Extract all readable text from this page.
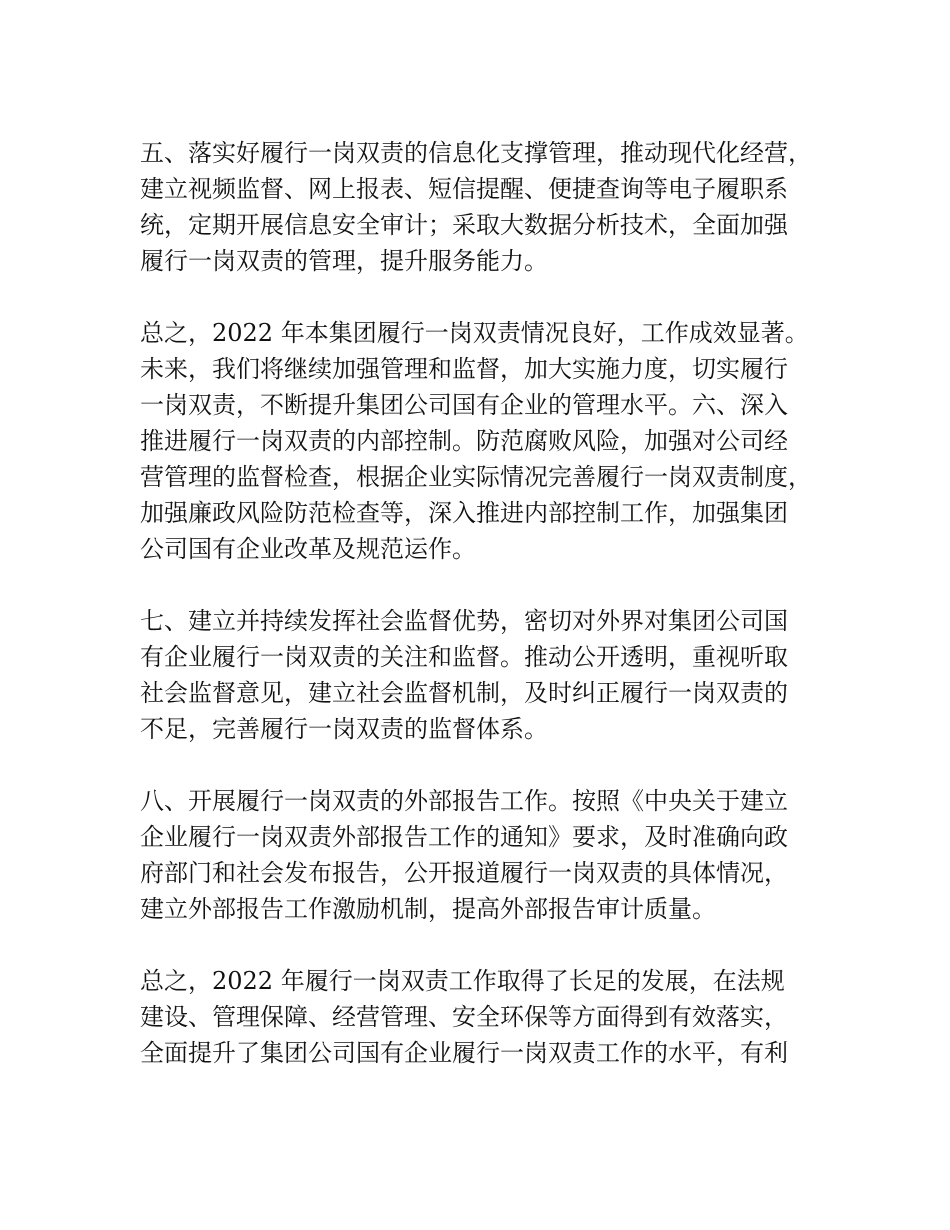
五、落实好履行一岗双责的信息化支撑管理，推动现代化经营，
建立视频监督、网上报表、短信提醒、便捷查询等电子履职系
统，定期开展信息安全审计；采取大数据分析技术，全面加强
履行一岗双责的管理，提升服务能力。
总之，2022 年本集团履行一岗双责情况良好，工作成效显著。
未来，我们将继续加强管理和监督，加大实施力度，切实履行
一岗双责，不断提升集团公司国有企业的管理水平。六、深入
推进履行一岗双责的内部控制。防范腐败风险，加强对公司经
营管理的监督检查，根据企业实际情况完善履行一岗双责制度，
加强廉政风险防范检查等，深入推进内部控制工作，加强集团
公司国有企业改革及规范运作。
七、建立并持续发挥社会监督优势，密切对外界对集团公司国
有企业履行一岗双责的关注和监督。推动公开透明，重视听取
社会监督意见，建立社会监督机制，及时纠正履行一岗双责的
不足，完善履行一岗双责的监督体系。
八、开展履行一岗双责的外部报告工作。按照《中央关于建立
企业履行一岗双责外部报告工作的通知》要求，及时准确向政
府部门和社会发布报告，公开报道履行一岗双责的具体情况，
建立外部报告工作激励机制，提高外部报告审计质量。
总之，2022 年履行一岗双责工作取得了长足的发展，在法规
建设、管理保障、经营管理、安全环保等方面得到有效落实，
全面提升了集团公司国有企业履行一岗双责工作的水平，有利
